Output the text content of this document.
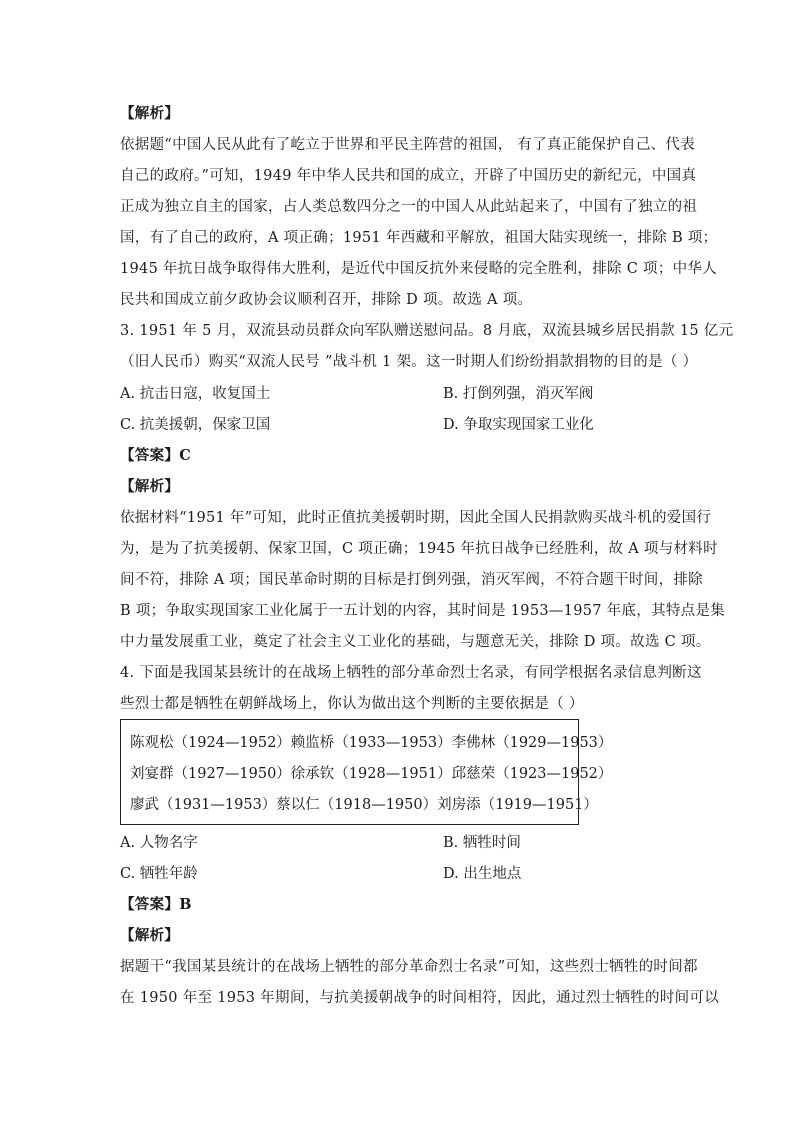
【解析】
依据题“中国人民从此有了屹立于世界和平民主阵营的祖国， 有了真正能保护自己、代表
自己的政府。”可知，1949 年中华人民共和国的成立，开辟了中国历史的新纪元，中国真
正成为独立自主的国家，占人类总数四分之一的中国人从此站起来了，中国有了独立的祖
国，有了自己的政府，A 项正确；1951 年西藏和平解放，祖国大陆实现统一，排除 B 项；
1945 年抗日战争取得伟大胜利，是近代中国反抗外来侵略的完全胜利，排除 C 项；中华人
民共和国成立前夕政协会议顺利召开，排除 D 项。故选 A 项。
3. 1951 年 5 月，双流县动员群众向军队赠送慰问品。8 月底，双流县城乡居民捐款 15 亿元
（旧人民币）购买“双流人民号 ”战斗机 1 架。这一时期人们纷纷捐款捐物的目的是（ ）
A. 抗击日寇，收复国土	B. 打倒列强，消灭军阀
C. 抗美援朝，保家卫国	D. 争取实现国家工业化
【答案】C
【解析】
依据材料“1951 年”可知，此时正值抗美援朝时期，因此全国人民捐款购买战斗机的爱国行
为，是为了抗美援朝、保家卫国，C 项正确；1945 年抗日战争已经胜利，故 A 项与材料时
间不符，排除 A 项；国民革命时期的目标是打倒列强，消灭军阀，不符合题干时间，排除
B 项；争取实现国家工业化属于一五计划的内容，其时间是 1953—1957 年底，其特点是集
中力量发展重工业，奠定了社会主义工业化的基础，与题意无关，排除 D 项。故选 C 项。
4. 下面是我国某县统计的在战场上牺牲的部分革命烈士名录，有同学根据名录信息判断这
些烈士都是牺牲在朝鲜战场上，你认为做出这个判断的主要依据是（ ）
陈观松（1924—1952）赖监桥（1933—1953）李佛林（1929—1953）
刘宴群（1927—1950）徐承钦（1928—1951）邱慈荣（1923—1952）
廖武（1931—1953）蔡以仁（1918—1950）刘房添（1919—1951）
A. 人物名字	B. 牺牲时间
C. 牺牲年龄	D. 出生地点
【答案】B
【解析】
据题干“我国某县统计的在战场上牺牲的部分革命烈士名录”可知，这些烈士牺牲的时间都
在 1950 年至 1953 年期间，与抗美援朝战争的时间相符，因此，通过烈士牺牲的时间可以
